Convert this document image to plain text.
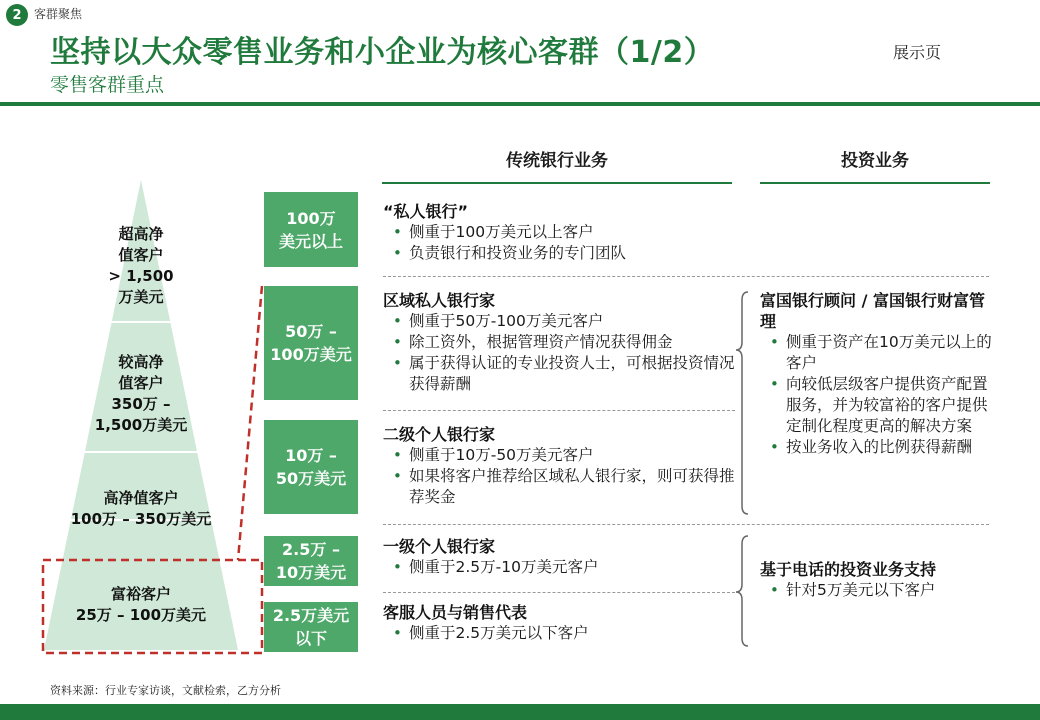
2	客群聚焦
坚持以大众零售业务和小企业为核心客群（1/2）
零售客群重点
展示页
传统银行业务	投资业务
超高净
值客户
> 1,500
万美元
较高净
值客户
350万 –
1,500万美元
高净值客户
100万 – 350万美元
富裕客户
25万 – 100万美元
100万
美元以上
50万 –
100万美元
10万 –
50万美元
2.5万 –
10万美元
2.5万美元
以下
“私人银行”
• 侧重于100万美元以上客户
• 负责银行和投资业务的专门团队
区域私人银行家
• 侧重于50万-100万美元客户
• 除工资外，根据管理资产情况获得佣金
• 属于获得认证的专业投资人士，可根据投资情况获得薪酬
二级个人银行家
• 侧重于10万-50万美元客户
• 如果将客户推荐给区域私人银行家，则可获得推荐奖金
一级个人银行家
• 侧重于2.5万-10万美元客户
客服人员与销售代表
• 侧重于2.5万美元以下客户
富国银行顾问 / 富国银行财富管理
• 侧重于资产在10万美元以上的客户
• 向较低层级客户提供资产配置服务，并为较富裕的客户提供定制化程度更高的解决方案
• 按业务收入的比例获得薪酬
基于电话的投资业务支持
• 针对5万美元以下客户
资料来源：行业专家访谈，文献检索，乙方分析
